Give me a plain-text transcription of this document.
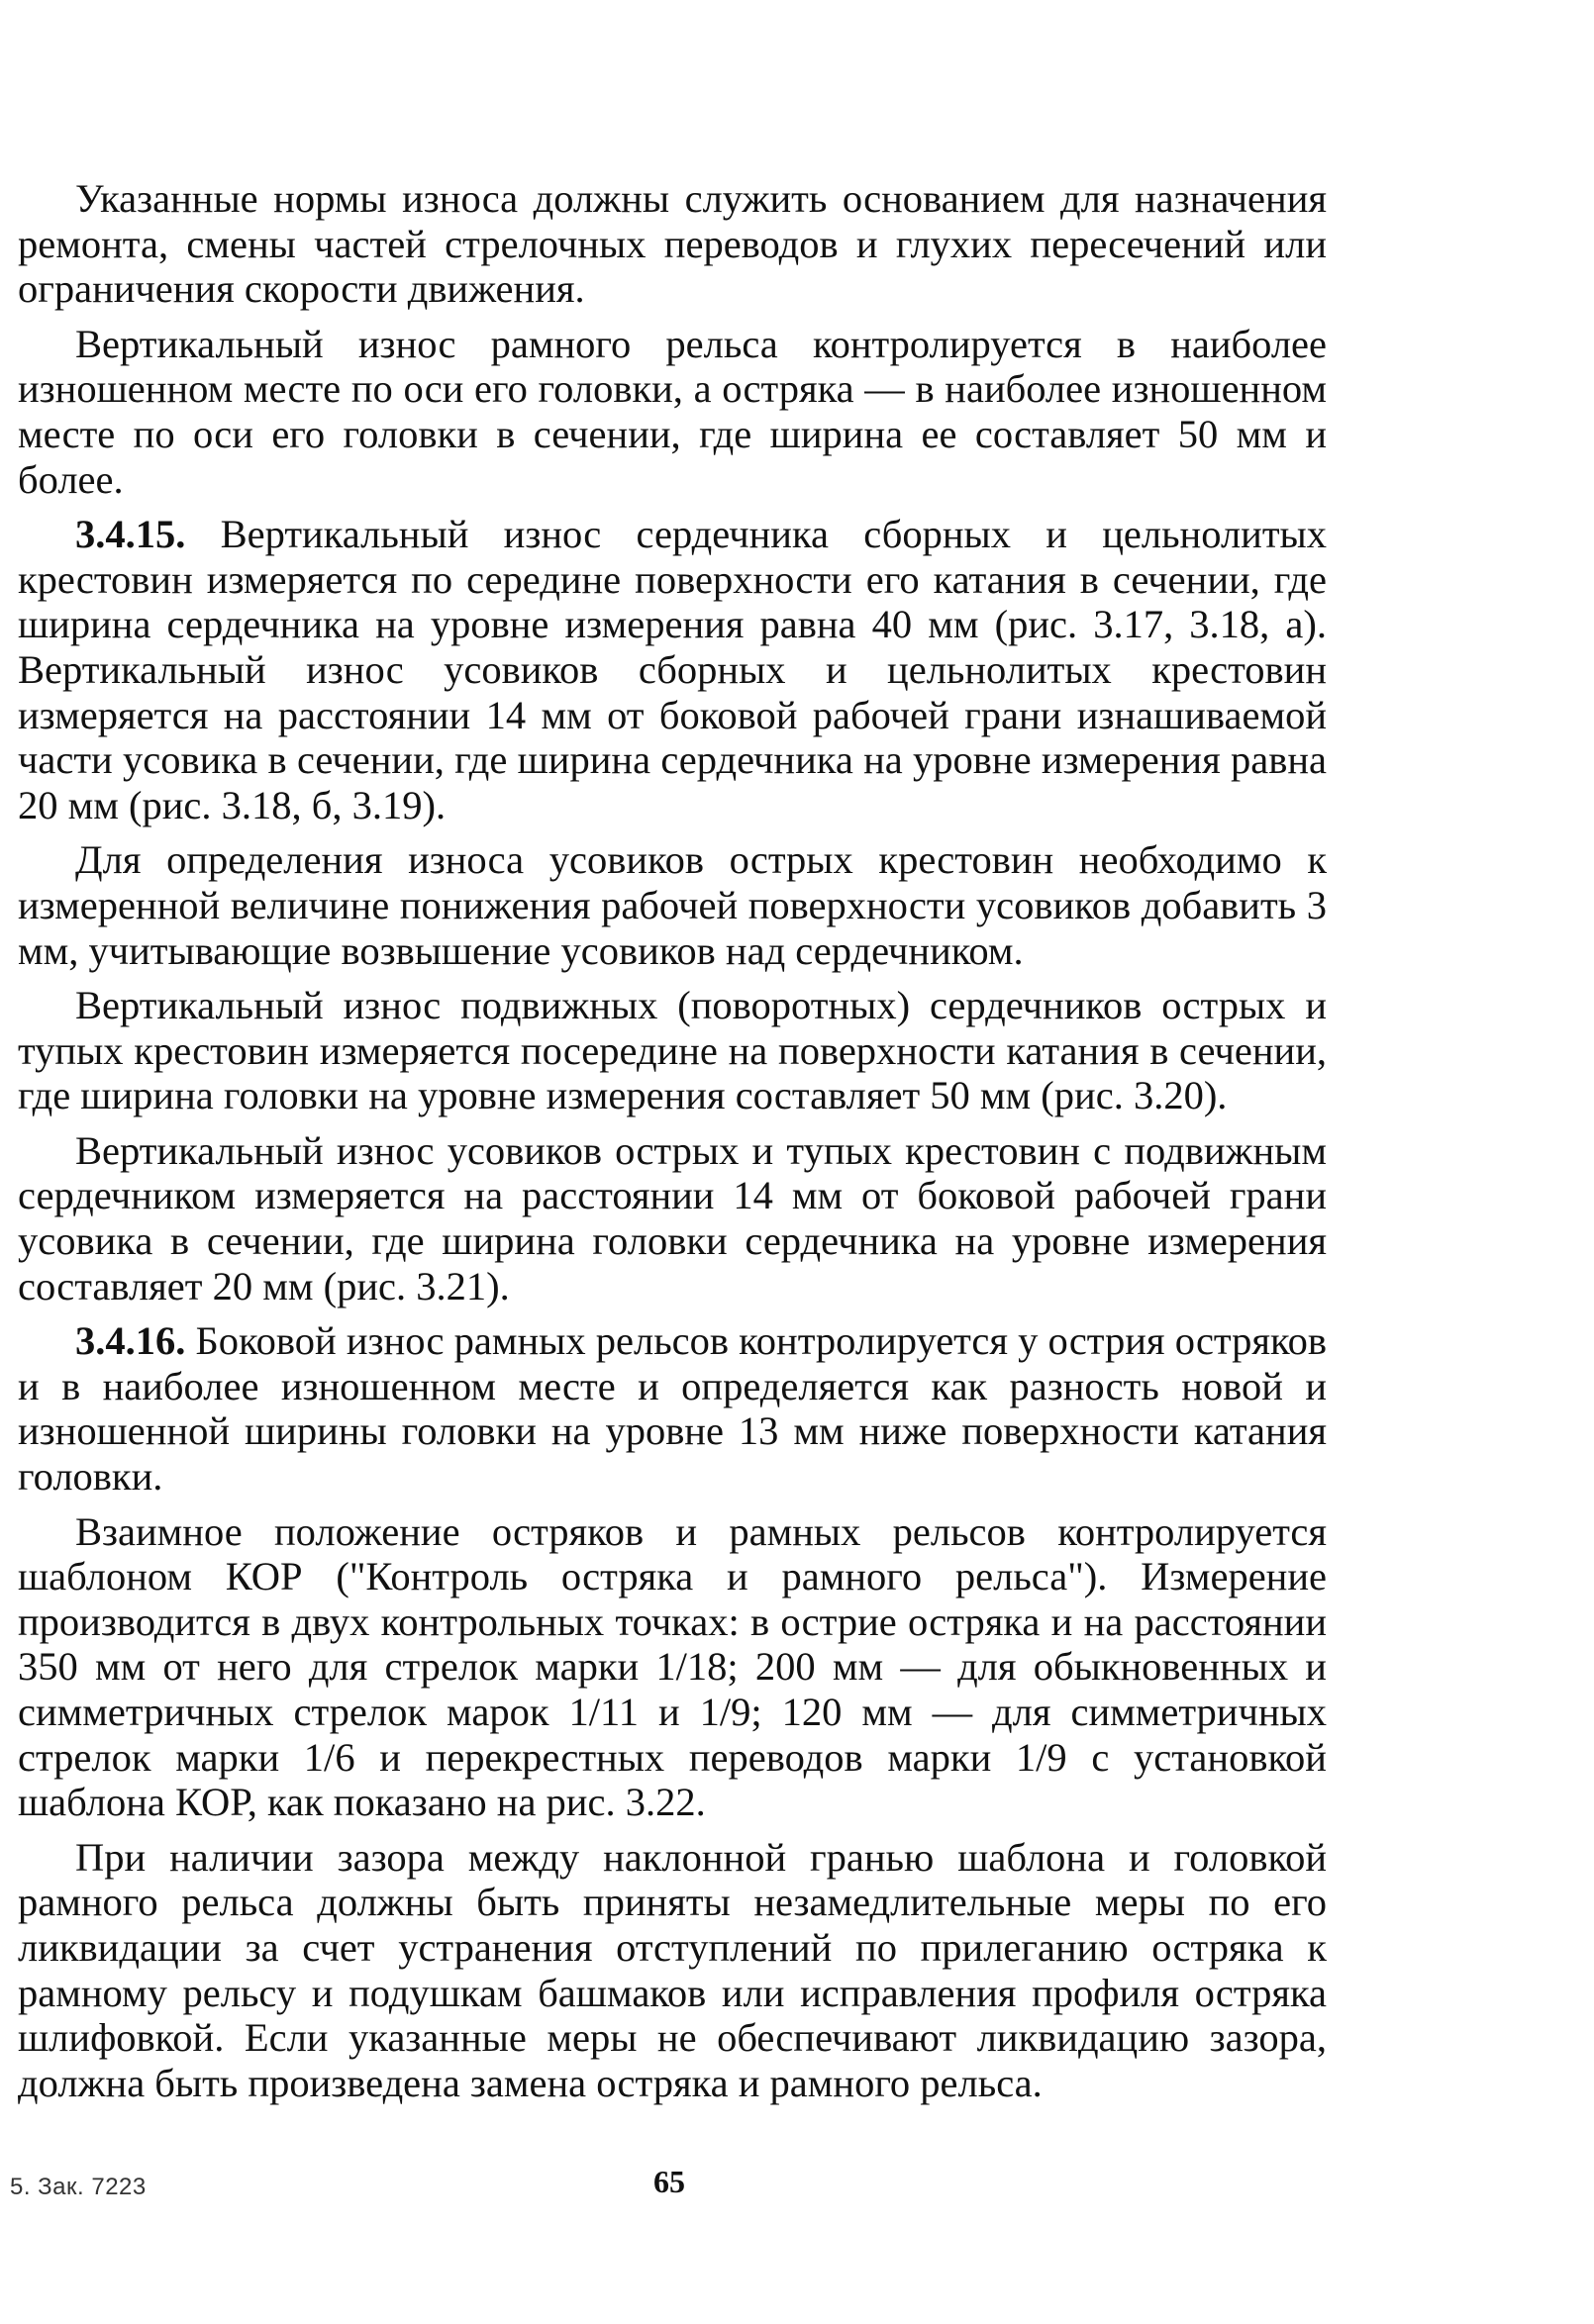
Указанные нормы износа должны служить основанием для назначения ремонта, смены частей стрелочных переводов и глухих пересечений или ограничения скорости движения.

Вертикальный износ рамного рельса контролируется в наиболее изношенном месте по оси его головки, а остряка — в наиболее изношенном месте по оси его головки в сечении, где ширина ее составляет 50 мм и более.

3.4.15. Вертикальный износ сердечника сборных и цельнолитых крестовин измеряется по середине поверхности его катания в сечении, где ширина сердечника на уровне измерения равна 40 мм (рис. 3.17, 3.18, а). Вертикальный износ усовиков сборных и цельнолитых крестовин измеряется на расстоянии 14 мм от боковой рабочей грани изнашиваемой части усовика в сечении, где ширина сердечника на уровне измерения равна 20 мм (рис. 3.18, б, 3.19).

Для определения износа усовиков острых крестовин необходимо к измеренной величине понижения рабочей поверхности усовиков добавить 3 мм, учитывающие возвышение усовиков над сердечником.

Вертикальный износ подвижных (поворотных) сердечников острых и тупых крестовин измеряется посередине на поверхности катания в сечении, где ширина головки на уровне измерения составляет 50 мм (рис. 3.20).

Вертикальный износ усовиков острых и тупых крестовин с подвижным сердечником измеряется на расстоянии 14 мм от боковой рабочей грани усовика в сечении, где ширина головки сердечника на уровне измерения составляет 20 мм (рис. 3.21).

3.4.16. Боковой износ рамных рельсов контролируется у острия остряков и в наиболее изношенном месте и определяется как разность новой и изношенной ширины головки на уровне 13 мм ниже поверхности катания головки.

Взаимное положение остряков и рамных рельсов контролируется шаблоном КОР ("Контроль остряка и рамного рельса"). Измерение производится в двух контрольных точках: в острие остряка и на расстоянии 350 мм от него для стрелок марки 1/18; 200 мм — для обыкновенных и симметричных стрелок марок 1/11 и 1/9; 120 мм — для симметричных стрелок марки 1/6 и перекрестных переводов марки 1/9 с установкой шаблона КОР, как показано на рис. 3.22.

При наличии зазора между наклонной гранью шаблона и головкой рамного рельса должны быть приняты незамедлительные меры по его ликвидации за счет устранения отступлений по прилеганию остряка к рамному рельсу и подушкам башмаков или исправления профиля остряка шлифовкой. Если указанные меры не обеспечивают ликвидацию зазора, должна быть произведена замена остряка и рамного рельса.

5. Зак. 7223	65
